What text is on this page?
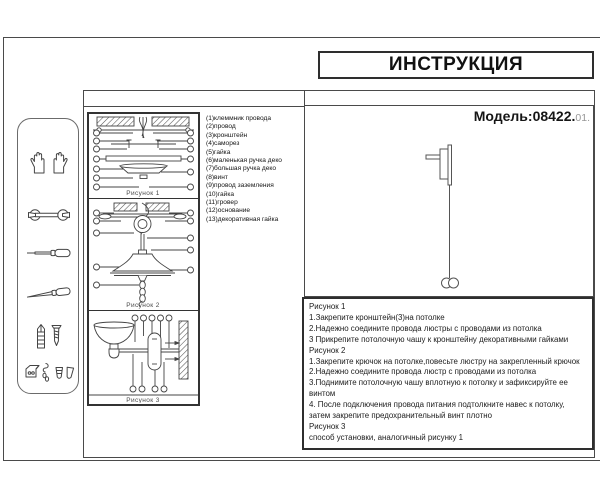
ИНСТРУКЦИЯ
Рисунок 1
Рисунок 2
Рисунок 3
(1)клеммник провода
(2)провод
(3)кронштейн
(4)саморез
(5)гайка
(6)маленькая ручка деко
(7)большая ручка деко
(8)винт
(9)провод заземления
(10)гайка
(11)гровер
(12)основание
(13)декоративная гайка
Модель:08422. 01.
Рисунок 1
1.Закрепите кронштейн(3)на потолке
2.Надежно соедините провода люстры с проводами из потолка
3 Прикрепите потолочную чашу к кронштейну декоративными гайками
Рисунок 2
1.Закрепите крючок на потолке,повесьте люстру на закрепленный крючок
2.Надежно соедините провода люстр с проводами из потолка
3.Поднимите потолочную чашу вплотную к потолку и зафиксируйте ее винтом
4. После подключения провода питания подтолкните навес к потолку, затем закрепите предохранительный винт плотно
Рисунок 3
способ установки, аналогичный рисунку 1
